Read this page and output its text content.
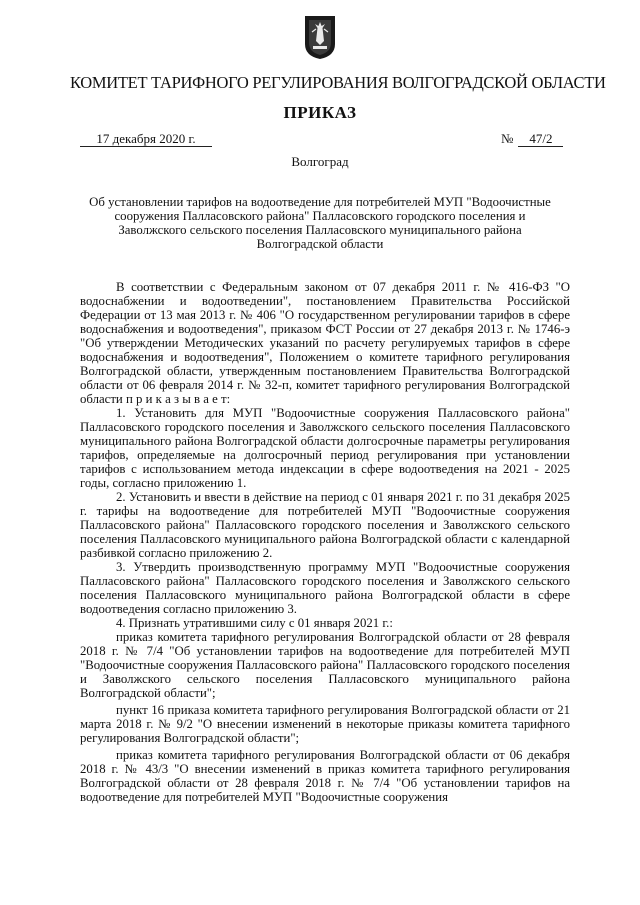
КОМИТЕТ ТАРИФНОГО РЕГУЛИРОВАНИЯ ВОЛГОГРАДСКОЙ ОБЛАСТИ
ПРИКАЗ
17 декабря 2020 г.	№ 47/2
Волгоград
Об установлении тарифов на водоотведение для потребителей МУП "Водоочистные сооружения Палласовского района" Палласовского городского поселения и Заволжского сельского поселения Палласовского муниципального района Волгоградской области

В соответствии с Федеральным законом от 07 декабря 2011 г. № 416-ФЗ "О водоснабжении и водоотведении", постановлением Правительства Российской Федерации от 13 мая 2013 г. № 406 "О государственном регулировании тарифов в сфере водоснабжения и водоотведения", приказом ФСТ России от 27 декабря 2013 г. № 1746-э "Об утверждении Методических указаний по расчету регулируемых тарифов в сфере водоснабжения и водоотведения", Положением о комитете тарифного регулирования Волгоградской области, утвержденным постановлением Правительства Волгоградской области от 06 февраля 2014 г. № 32-п, комитет тарифного регулирования Волгоградской области п р и к а з ы в а е т:

1. Установить для МУП "Водоочистные сооружения Палласовского района" Палласовского городского поселения и Заволжского сельского поселения Палласовского муниципального района Волгоградской области долгосрочные параметры регулирования тарифов, определяемые на долгосрочный период регулирования при установлении тарифов с использованием метода индексации в сфере водоотведения на 2021 - 2025 годы, согласно приложению 1.

2. Установить и ввести в действие на период с 01 января 2021 г. по 31 декабря 2025 г. тарифы на водоотведение для потребителей МУП "Водоочистные сооружения Палласовского района" Палласовского городского поселения и Заволжского сельского поселения Палласовского муниципального района Волгоградской области с календарной разбивкой согласно приложению 2.

3. Утвердить производственную программу МУП "Водоочистные сооружения Палласовского района" Палласовского городского поселения и Заволжского сельского поселения Палласовского муниципального района Волгоградской области в сфере водоотведения согласно приложению 3.

4. Признать утратившими силу с 01 января 2021 г.:

приказ комитета тарифного регулирования Волгоградской области от 28 февраля 2018 г. № 7/4 "Об установлении тарифов на водоотведение для потребителей МУП "Водоочистные сооружения Палласовского района" Палласовского городского поселения и Заволжского сельского поселения Палласовского муниципального района Волгоградской области";

пункт 16 приказа комитета тарифного регулирования Волгоградской области от 21 марта 2018 г. № 9/2 "О внесении изменений в некоторые приказы комитета тарифного регулирования Волгоградской области";

приказ комитета тарифного регулирования Волгоградской области от 06 декабря 2018 г. № 43/3 "О внесении изменений в приказ комитета тарифного регулирования Волгоградской области от 28 февраля 2018 г. № 7/4 "Об установлении тарифов на водоотведение для потребителей МУП "Водоочистные сооружения
